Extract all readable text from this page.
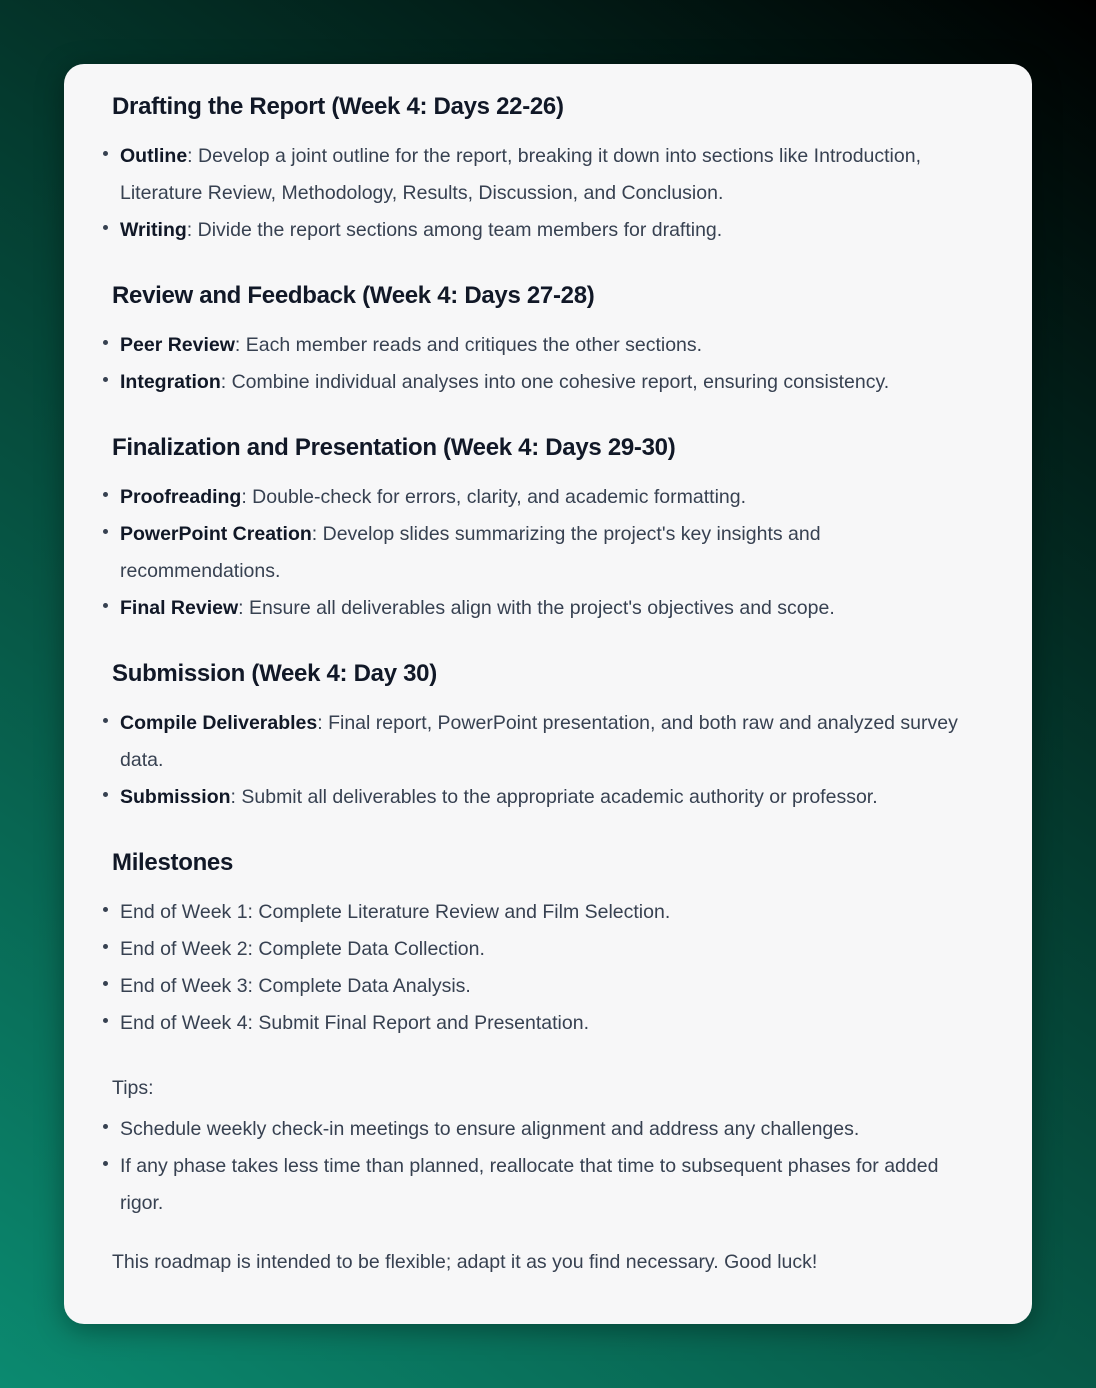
Drafting the Report (Week 4: Days 22-26)
Outline: Develop a joint outline for the report, breaking it down into sections like Introduction, Literature Review, Methodology, Results, Discussion, and Conclusion.
Writing: Divide the report sections among team members for drafting.
Review and Feedback (Week 4: Days 27-28)
Peer Review: Each member reads and critiques the other sections.
Integration: Combine individual analyses into one cohesive report, ensuring consistency.
Finalization and Presentation (Week 4: Days 29-30)
Proofreading: Double-check for errors, clarity, and academic formatting.
PowerPoint Creation: Develop slides summarizing the project's key insights and recommendations.
Final Review: Ensure all deliverables align with the project's objectives and scope.
Submission (Week 4: Day 30)
Compile Deliverables: Final report, PowerPoint presentation, and both raw and analyzed survey data.
Submission: Submit all deliverables to the appropriate academic authority or professor.
Milestones
End of Week 1: Complete Literature Review and Film Selection.
End of Week 2: Complete Data Collection.
End of Week 3: Complete Data Analysis.
End of Week 4: Submit Final Report and Presentation.
Tips:
Schedule weekly check-in meetings to ensure alignment and address any challenges.
If any phase takes less time than planned, reallocate that time to subsequent phases for added rigor.
This roadmap is intended to be flexible; adapt it as you find necessary. Good luck!
